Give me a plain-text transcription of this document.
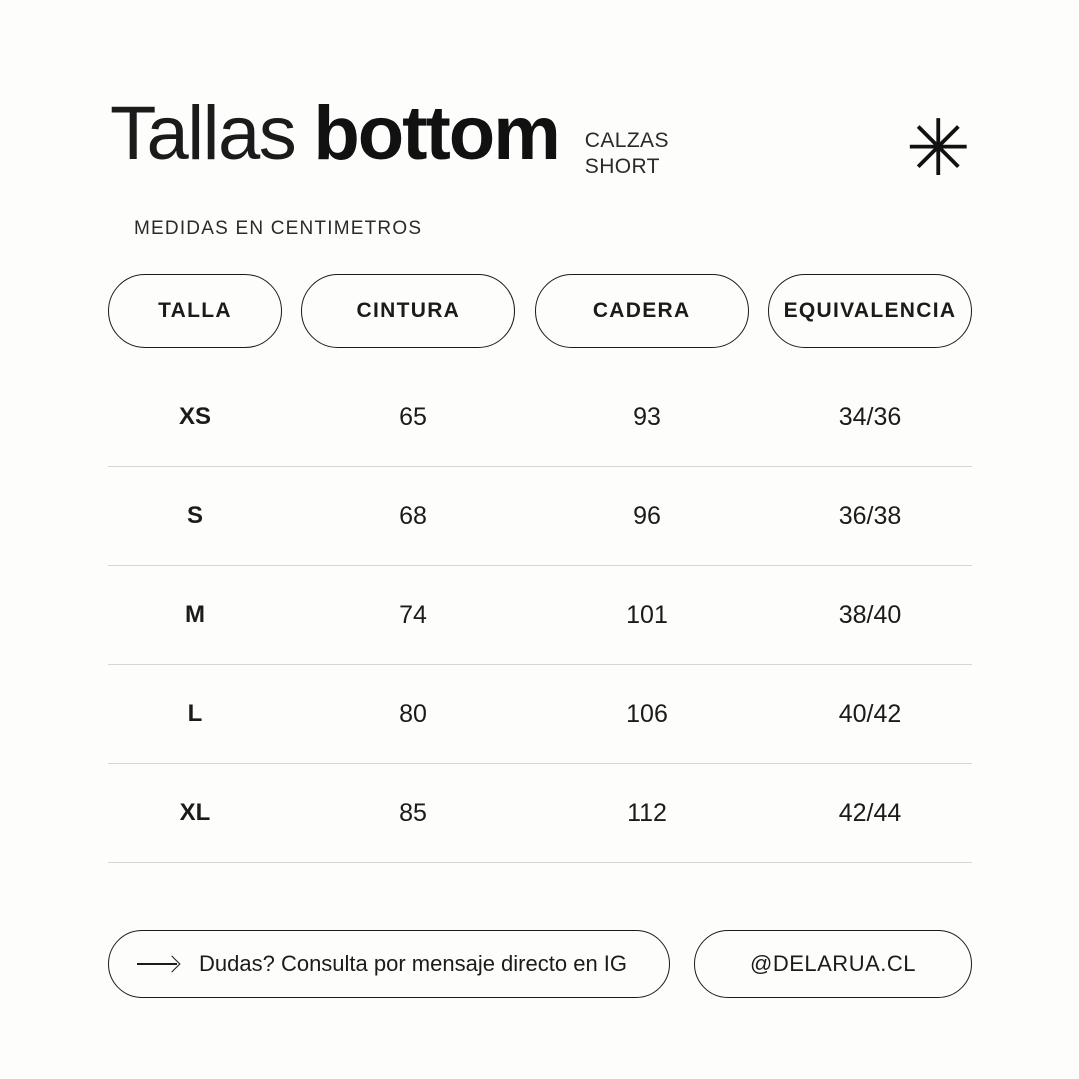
Tallas bottom CALZAS
SHORT	✳
MEDIDAS EN CENTIMETROS
TALLA	CINTURA	CADERA	EQUIVALENCIA
XS	65	93	34/36
S	68	96	36/38
M	74	101	38/40
L	80	106	40/42
XL	85	112	42/44
Dudas? Consulta por mensaje directo en IG	@DELARUA.CL
